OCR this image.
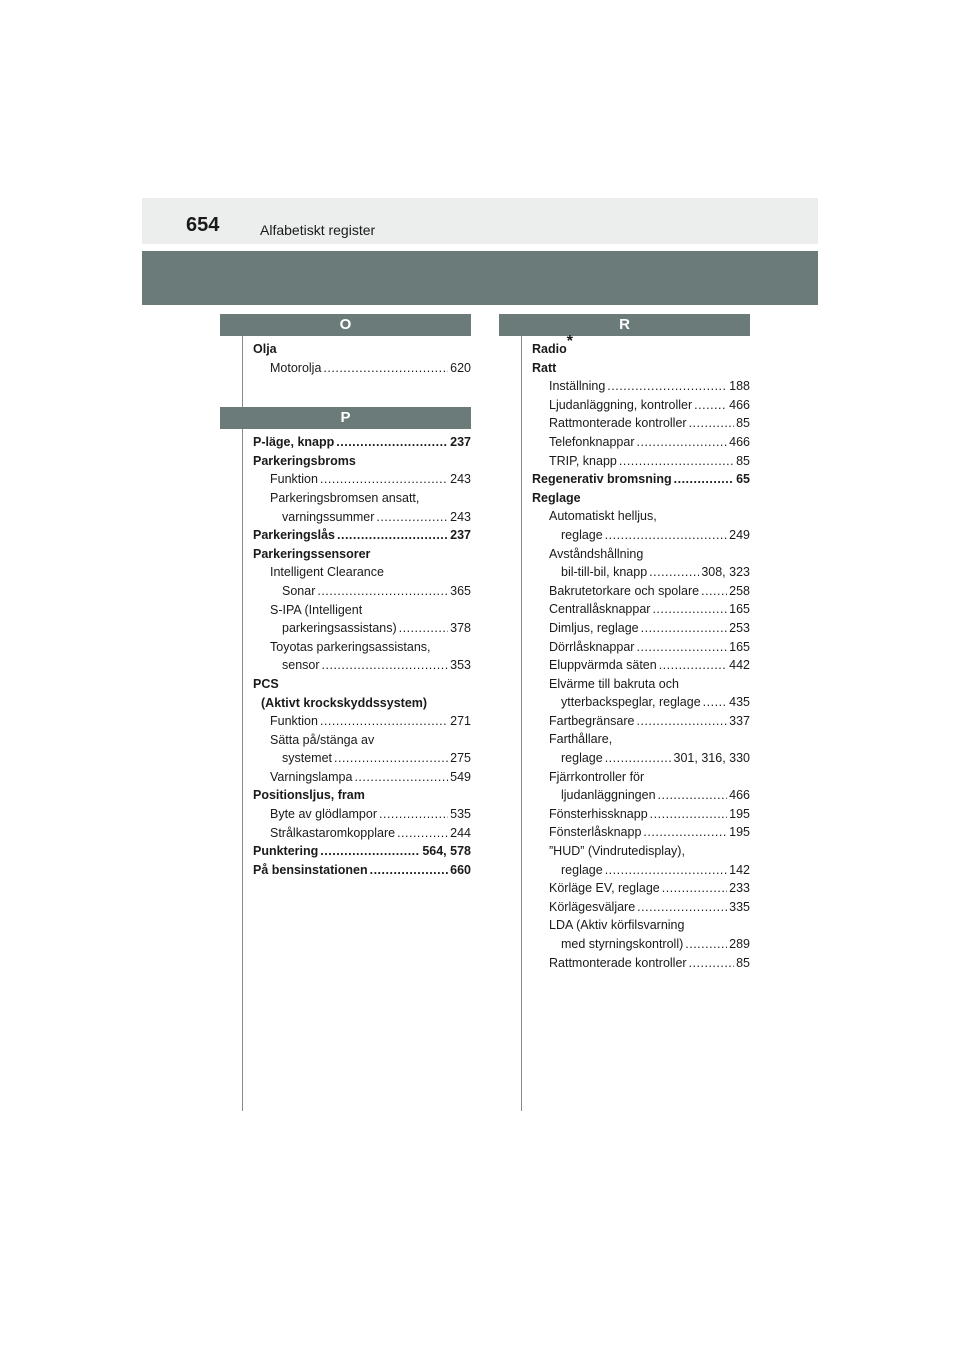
654	Alfabetiskt register
O
Olja
Motorolja .....	620
P
P-läge, knapp .....	237
Parkeringsbroms
Funktion .....	243
Parkeringsbromsen ansatt,
varningssummer .....	243
Parkeringslås .....	237
Parkeringssensorer
Intelligent Clearance
Sonar .....	365
S-IPA (Intelligent
parkeringsassistans) .....	378
Toyotas parkeringsassistans,
sensor .....	353
PCS
(Aktivt krockskyddssystem)
Funktion .....	271
Sätta på/stänga av
systemet .....	275
Varningslampa .....	549
Positionsljus, fram
Byte av glödlampor .....	535
Strålkastaromkopplare .....	244
Punktering .....	564, 578
På bensinstationen .....	660
R
Radio*
Ratt
Inställning .....	188
Ljudanläggning, kontroller .....	466
Rattmonterade kontroller .....	85
Telefonknappar .....	466
TRIP, knapp .....	85
Regenerativ bromsning .....	65
Reglage
Automatiskt helljus,
reglage .....	249
Avståndshållning
bil-till-bil, knapp .....	308, 323
Bakrutetorkare och spolare ..... 258
Centrallåsknappar .....	165
Dimljus, reglage .....	253
Dörrlåsknappar .....	165
Eluppvärmda säten .....	442
Elvärme till bakruta och
ytterbackspeglar, reglage ..... 435
Fartbegränsare .....	337
Farthållare,
reglage .....	301, 316, 330
Fjärrkontroller för
ljudanläggningen .....	466
Fönsterhissknapp .....	195
Fönsterlåsknapp .....	195
”HUD” (Vindrutedisplay),
reglage .....	142
Körläge EV, reglage .....	233
Körlägesväljare .....	335
LDA (Aktiv körfilsvarning
med styrningskontroll) .....	289
Rattmonterade kontroller .....	85
